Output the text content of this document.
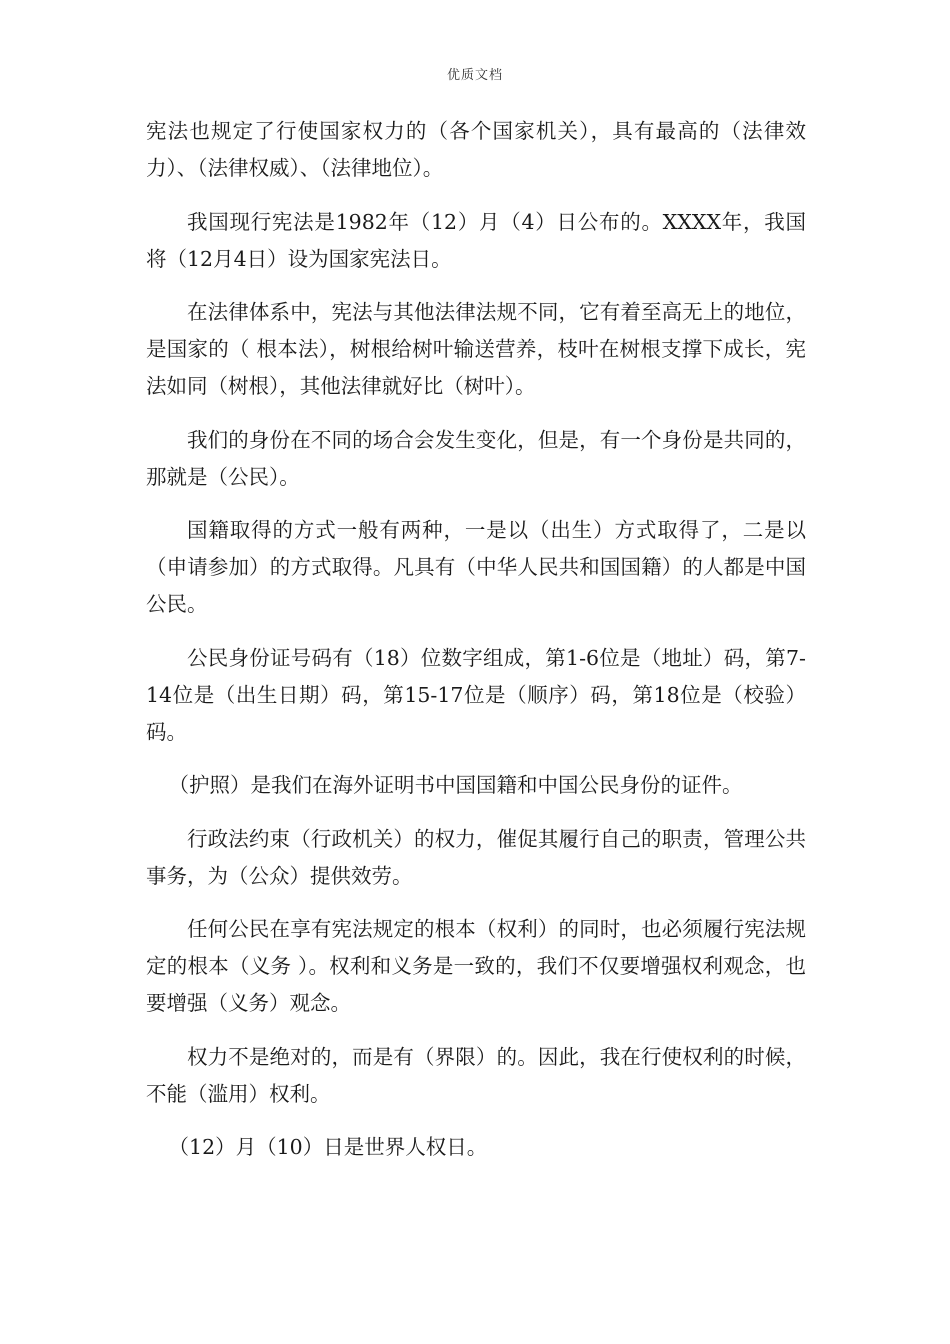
优质文档

宪法也规定了行使国家权力的（各个国家机关），具有最高的（法律效力）、（法律权威）、（法律地位）。

我国现行宪法是1982年（12）月（4）日公布的。XXXX年，我国将（12月4日）设为国家宪法日。

在法律体系中，宪法与其他法律法规不同，它有着至高无上的地位，是国家的（ 根本法），树根给树叶输送营养，枝叶在树根支撑下成长，宪法如同（树根），其他法律就好比（树叶）。

我们的身份在不同的场合会发生变化，但是，有一个身份是共同的，那就是（公民）。

国籍取得的方式一般有两种，一是以（出生）方式取得了，二是以（申请参加）的方式取得。凡具有（中华人民共和国国籍）的人都是中国公民。

公民身份证号码有（18）位数字组成，第1-6位是（地址）码，第7-14位是（出生日期）码，第15-17位是（顺序）码，第18位是（校验）码。

（护照）是我们在海外证明书中国国籍和中国公民身份的证件。

行政法约束（行政机关）的权力，催促其履行自己的职责，管理公共事务，为（公众）提供效劳。

任何公民在享有宪法规定的根本（权利）的同时，也必须履行宪法规定的根本（义务 ）。权利和义务是一致的，我们不仅要增强权利观念，也要增强（义务）观念。

权力不是绝对的，而是有（界限）的。因此，我在行使权利的时候，不能（滥用）权利。

（12）月（10）日是世界人权日。
